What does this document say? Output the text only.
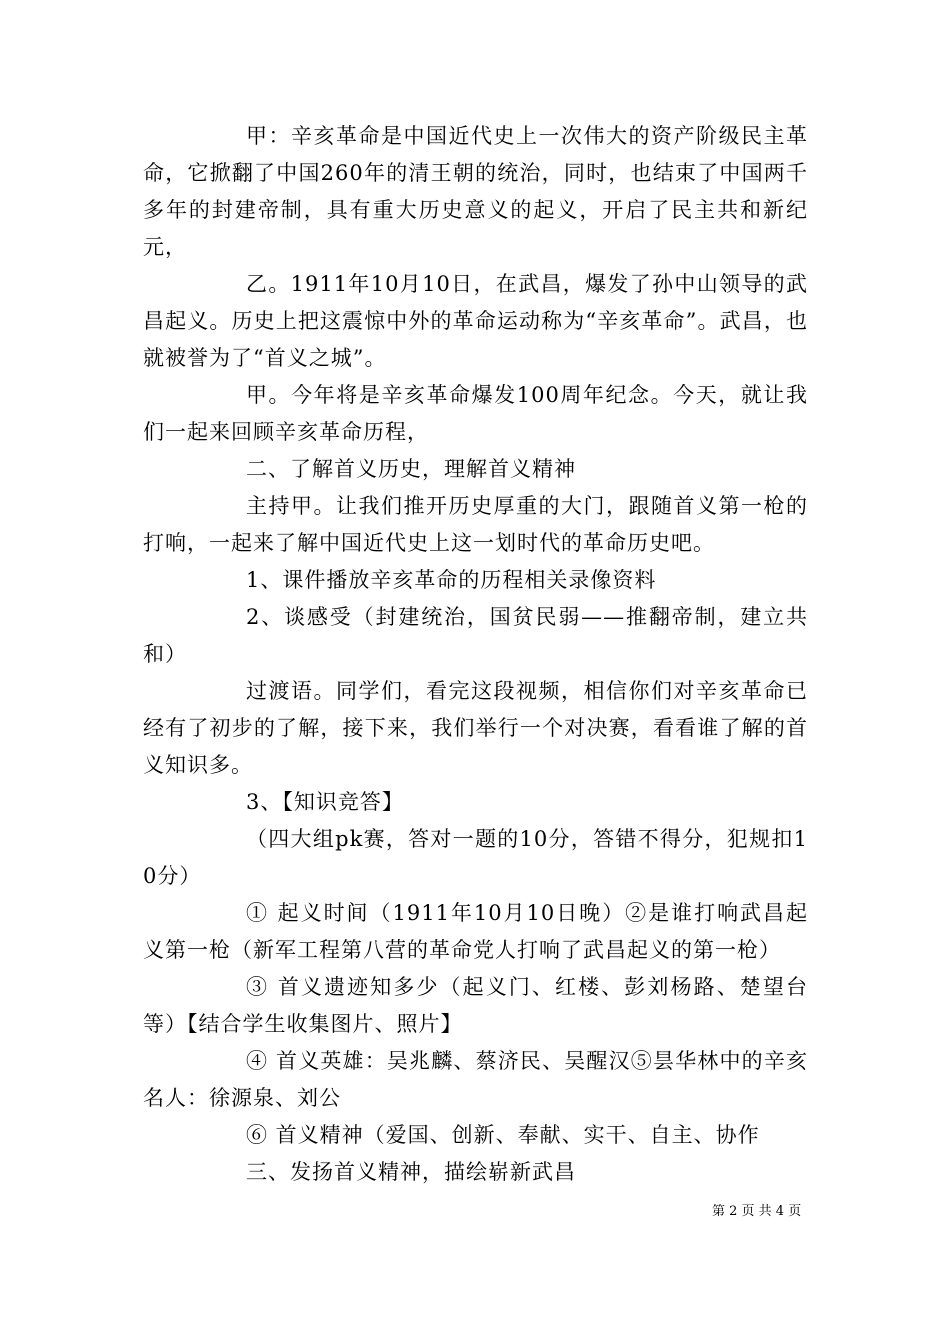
甲：辛亥革命是中国近代史上一次伟大的资产阶级民主革命，它掀翻了中国260年的清王朝的统治，同时，也结束了中国两千多年的封建帝制，具有重大历史意义的起义，开启了民主共和新纪元，

乙。1911年10月10日，在武昌，爆发了孙中山领导的武昌起义。历史上把这震惊中外的革命运动称为“辛亥革命”。武昌，也就被誉为了“首义之城”。

甲。今年将是辛亥革命爆发100周年纪念。今天，就让我们一起来回顾辛亥革命历程，

二、了解首义历史，理解首义精神

主持甲。让我们推开历史厚重的大门，跟随首义第一枪的打响，一起来了解中国近代史上这一划时代的革命历史吧。

1、课件播放辛亥革命的历程相关录像资料

2、谈感受（封建统治，国贫民弱——推翻帝制，建立共和）

过渡语。同学们，看完这段视频，相信你们对辛亥革命已经有了初步的了解，接下来，我们举行一个对决赛，看看谁了解的首义知识多。

3、【知识竞答】

（四大组pk赛，答对一题的10分，答错不得分，犯规扣10分）

① 起义时间（1911年10月10日晚）②是谁打响武昌起义第一枪（新军工程第八营的革命党人打响了武昌起义的第一枪）

③ 首义遗迹知多少（起义门、红楼、彭刘杨路、楚望台等）【结合学生收集图片、照片】

④ 首义英雄：吴兆麟、蔡济民、吴醒汉⑤昙华林中的辛亥名人：徐源泉、刘公

⑥ 首义精神（爱国、创新、奉献、实干、自主、协作

三、发扬首义精神，描绘崭新武昌

第 2 页 共 4 页
